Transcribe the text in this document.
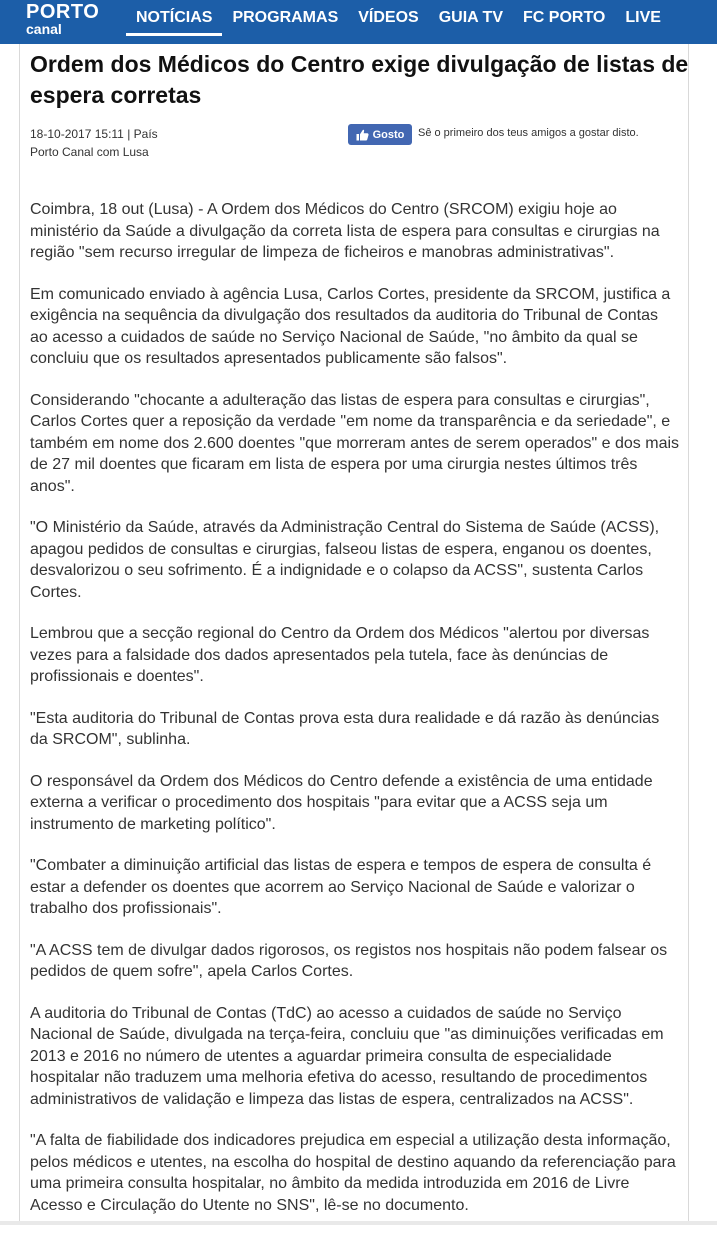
PORTO
canal
NOTÍCIAS	PROGRAMAS	VÍDEOS	GUIA TV	FC PORTO	LIVE
Ordem dos Médicos do Centro exige divulgação de listas de espera corretas
18-10-2017 15:11 | País
Porto Canal com Lusa
Gosto Sê o primeiro dos teus amigos a gostar disto.

Coimbra, 18 out (Lusa) - A Ordem dos Médicos do Centro (SRCOM) exigiu hoje ao ministério da Saúde a divulgação da correta lista de espera para consultas e cirurgias na região "sem recurso irregular de limpeza de ficheiros e manobras administrativas".

Em comunicado enviado à agência Lusa, Carlos Cortes, presidente da SRCOM, justifica a exigência na sequência da divulgação dos resultados da auditoria do Tribunal de Contas ao acesso a cuidados de saúde no Serviço Nacional de Saúde, "no âmbito da qual se concluiu que os resultados apresentados publicamente são falsos".

Considerando "chocante a adulteração das listas de espera para consultas e cirurgias", Carlos Cortes quer a reposição da verdade "em nome da transparência e da seriedade", e também em nome dos 2.600 doentes "que morreram antes de serem operados" e dos mais de 27 mil doentes que ficaram em lista de espera por uma cirurgia nestes últimos três anos".

"O Ministério da Saúde, através da Administração Central do Sistema de Saúde (ACSS), apagou pedidos de consultas e cirurgias, falseou listas de espera, enganou os doentes, desvalorizou o seu sofrimento. É a indignidade e o colapso da ACSS", sustenta Carlos Cortes.

Lembrou que a secção regional do Centro da Ordem dos Médicos "alertou por diversas vezes para a falsidade dos dados apresentados pela tutela, face às denúncias de profissionais e doentes".

"Esta auditoria do Tribunal de Contas prova esta dura realidade e dá razão às denúncias da SRCOM", sublinha.

O responsável da Ordem dos Médicos do Centro defende a existência de uma entidade externa a verificar o procedimento dos hospitais "para evitar que a ACSS seja um instrumento de marketing político".

"Combater a diminuição artificial das listas de espera e tempos de espera de consulta é estar a defender os doentes que acorrem ao Serviço Nacional de Saúde e valorizar o trabalho dos profissionais".

"A ACSS tem de divulgar dados rigorosos, os registos nos hospitais não podem falsear os pedidos de quem sofre", apela Carlos Cortes.

A auditoria do Tribunal de Contas (TdC) ao acesso a cuidados de saúde no Serviço Nacional de Saúde, divulgada na terça-feira, concluiu que "as diminuições verificadas em 2013 e 2016 no número de utentes a aguardar primeira consulta de especialidade hospitalar não traduzem uma melhoria efetiva do acesso, resultando de procedimentos administrativos de validação e limpeza das listas de espera, centralizados na ACSS".

"A falta de fiabilidade dos indicadores prejudica em especial a utilização desta informação, pelos médicos e utentes, na escolha do hospital de destino aquando da referenciação para uma primeira consulta hospitalar, no âmbito da medida introduzida em 2016 de Livre Acesso e Circulação do Utente no SNS", lê-se no documento.
